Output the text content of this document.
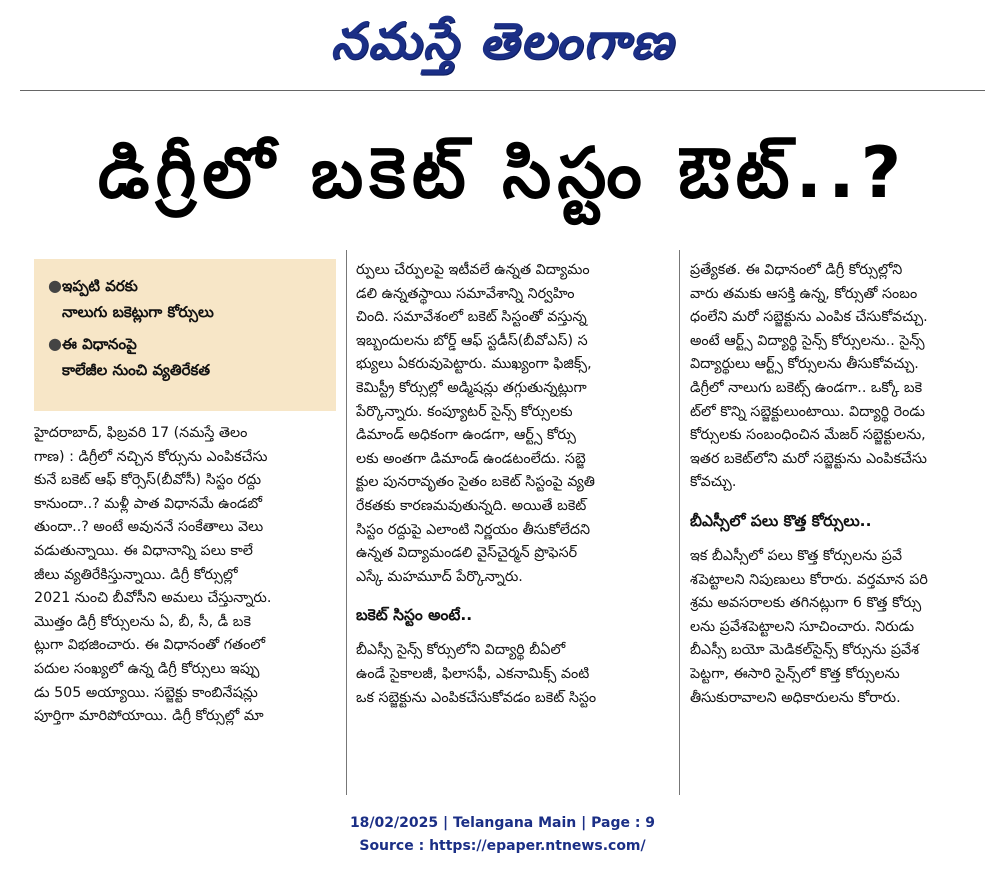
నమస్తే తెలంగాణ
డిగ్రీలో బకెట్ సిస్టం ఔట్..?
● ఇప్పటి వరకు
నాలుగు బకెట్లుగా కోర్సులు
● ఈ విధానంపై
కాలేజీల నుంచి వ్యతిరేకత
హైదరాబాద్, ఫిబ్రవరి 17 (నమస్తే తెలం
గాణ) : డిగ్రీలో నచ్చిన కోర్సును ఎంపికచేసు
కునే బకెట్ ఆఫ్ కోర్సెస్(బీవోసీ) సిస్టం రద్దు
కానుందా..? మళ్లీ పాత విధానమే ఉండబో
తుందా..? అంటే అవుననే సంకేతాలు వెలు
వడుతున్నాయి. ఈ విధానాన్ని పలు కాలే
జీలు వ్యతిరేకిస్తున్నాయి. డిగ్రీ కోర్సుల్లో
2021 నుంచి బీవోసీని అమలు చేస్తున్నారు.
మొత్తం డిగ్రీ కోర్సులను ఏ, బీ, సీ, డీ బకె
ట్లుగా విభజించారు. ఈ విధానంతో గతంలో
పదుల సంఖ్యలో ఉన్న డిగ్రీ కోర్సులు ఇప్పు
డు 505 అయ్యాయి. సబ్జెక్టు కాంబినేషన్లు
పూర్తిగా మారిపోయాయి. డిగ్రీ కోర్సుల్లో మా
ర్పులు చేర్పులపై ఇటీవలే ఉన్నత విద్యామం
డలి ఉన్నతస్థాయి సమావేశాన్ని నిర్వహిం
చింది. సమావేశంలో బకెట్ సిస్టంతో వస్తున్న
ఇబ్బందులను బోర్డ్ ఆఫ్ స్టడీస్(బీవోఎస్) స
భ్యులు ఏకరువుపెట్టారు. ముఖ్యంగా ఫిజిక్స్,
కెమిస్ట్రీ కోర్సుల్లో అడ్మిషన్లు తగ్గుతున్నట్లుగా
పేర్కొన్నారు. కంప్యూటర్ సైన్స్ కోర్సులకు
డిమాండ్ అధికంగా ఉండగా, ఆర్ట్స్ కోర్సు
లకు అంతగా డిమాండ్ ఉండటంలేదు. సబ్జె
క్టుల పునరావృతం సైతం బకెట్ సిస్టంపై వ్యతి
రేకతకు కారణమవుతున్నది. అయితే బకెట్
సిస్టం రద్దుపై ఎలాంటి నిర్ణయం తీసుకోలేదని
ఉన్నత విద్యామండలి వైస్‌చైర్మన్ ప్రొఫెసర్
ఎస్కే మహమూద్ పేర్కొన్నారు.
బకెట్ సిస్టం అంటే..
బీఎస్సీ సైన్స్ కోర్సులోని విద్యార్థి బీఏలో
ఉండే సైకాలజీ, ఫిలాసఫీ, ఎకనామిక్స్ వంటి
ఒక సబ్జెక్టును ఎంపికచేసుకోవడం బకెట్ సిస్టం
ప్రత్యేకత. ఈ విధానంలో డిగ్రీ కోర్సుల్లోని
వారు తమకు ఆసక్తి ఉన్న, కోర్సుతో సంబం
ధంలేని మరో సబ్జెక్టును ఎంపిక చేసుకోవచ్చు.
అంటే ఆర్ట్స్ విద్యార్థి సైన్స్ కోర్సులను.. సైన్స్
విద్యార్థులు ఆర్ట్స్ కోర్సులను తీసుకోవచ్చు.
డిగ్రీలో నాలుగు బకెట్స్ ఉండగా.. ఒక్కో బకె
ట్‌లో కొన్ని సబ్జెక్టులుంటాయి. విద్యార్థి రెండు
కోర్సులకు సంబంధించిన మేజర్ సబ్జెక్టులను,
ఇతర బకెట్‌లోని మరో సబ్జెక్టును ఎంపికచేసు
కోవచ్చు.
బీఎస్సీలో పలు కొత్త కోర్సులు..
ఇక బీఎస్సీలో పలు కొత్త కోర్సులను ప్రవే
శపెట్టాలని నిపుణులు కోరారు. వర్తమాన పరి
శ్రమ అవసరాలకు తగినట్లుగా 6 కొత్త కోర్సు
లను ప్రవేశపెట్టాలని సూచించారు. నిరుడు
బీఎస్సీ బయో మెడికల్‌సైన్స్ కోర్సును ప్రవేశ
పెట్టగా, ఈసారి సైన్స్‌లో కొత్త కోర్సులను
తీసుకురావాలని అధికారులను కోరారు.
18/02/2025 | Telangana Main | Page : 9
Source : https://epaper.ntnews.com/
